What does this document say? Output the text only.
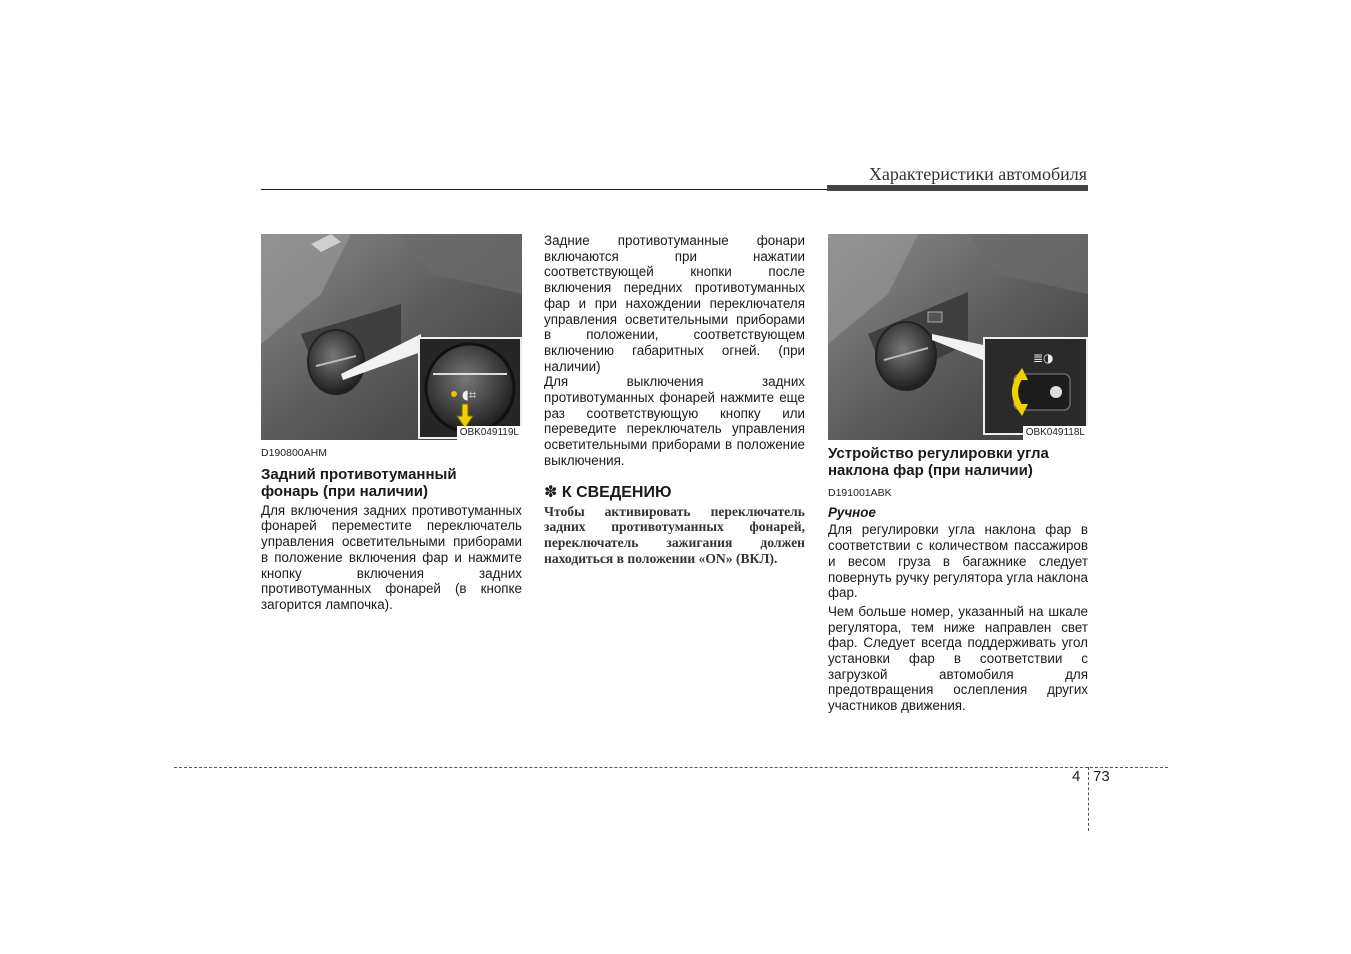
Характеристики автомобиля
◖⌗
OBK049119L
≣◑
OBK049118L
D190800AHM
Задний противотуманный
фонарь (при наличии)

Для включения задних противотуманных фонарей переместите переключатель управления осветительными приборами в положение включения фар и нажмите кнопку включения задних противотуманных фонарей (в кнопке загорится лампочка).

Задние противотуманные фонари включаются при нажатии соответствующей кнопки после включения передних противотуманных фар и при нахождении переключателя управления осветительными приборами в положении, соответствующем включению габаритных огней. (при наличии)

Для выключения задних противотуманных фонарей нажмите еще раз соответствующую кнопку или переведите переключатель управления осветительными приборами в положение выключения.

✽ К СВЕДЕНИЮ
Чтобы активировать переключатель задних противотуманных фонарей, переключатель зажигания должен находиться в положении «ON» (ВКЛ).
Устройство регулировки угла
наклона фар (при наличии)
D191001ABK
Ручное

Для регулировки угла наклона фар в соответствии с количеством пассажиров и весом груза в багажнике следует повернуть ручку регулятора угла наклона фар.

Чем больше номер, указанный на шкале регулятора, тем ниже направлен свет фар. Следует всегда поддерживать угол установки фар в соответствии с загрузкой автомобиля для предотвращения ослепления других участников движения.

4 73
